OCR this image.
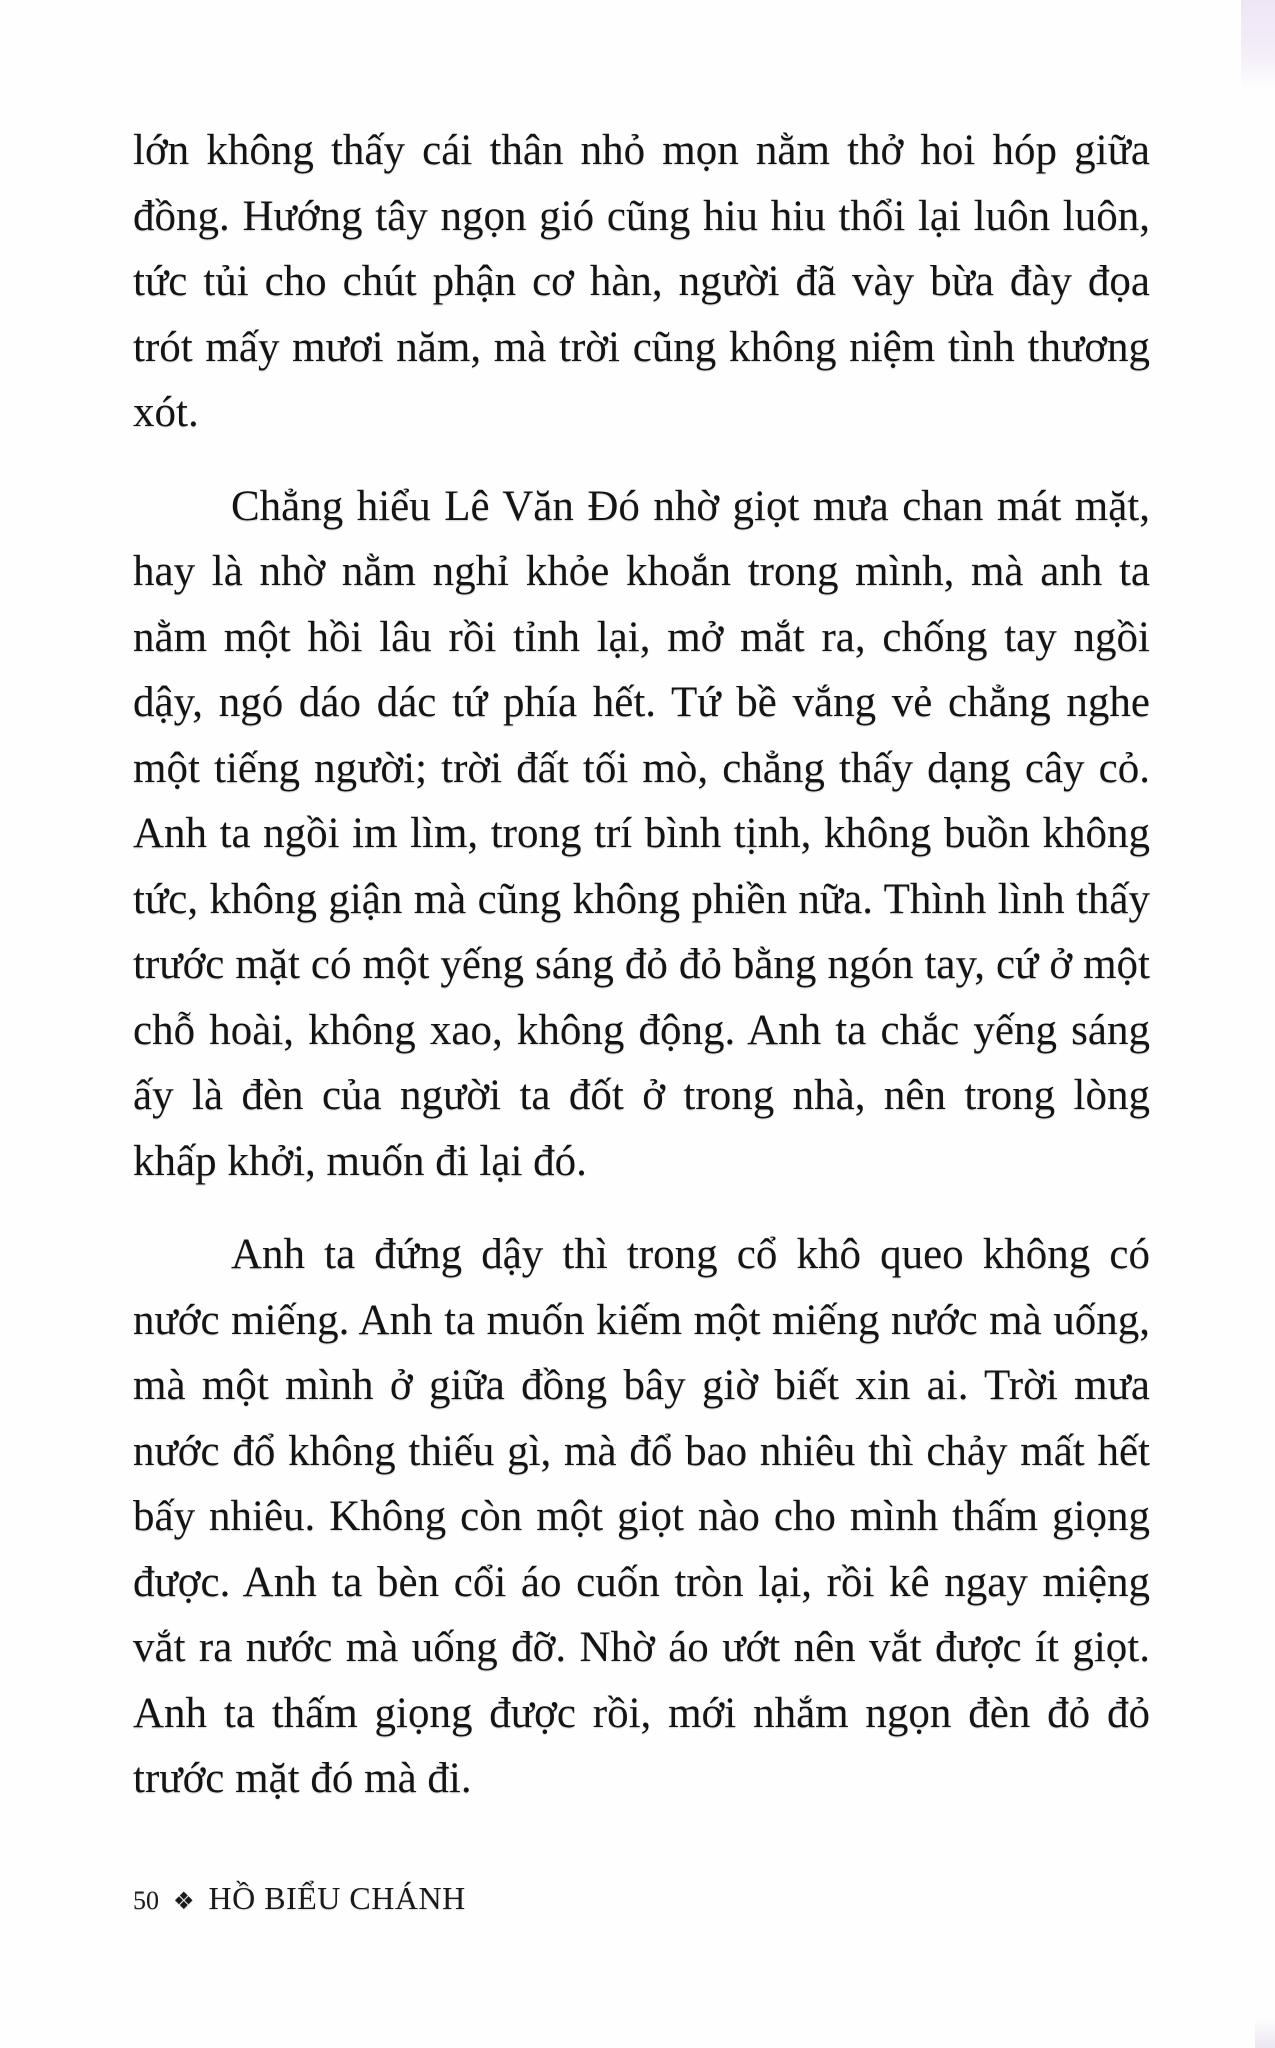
lớn không thấy cái thân nhỏ mọn nằm thở hoi hóp giữa đồng. Hướng tây ngọn gió cũng hiu hiu thổi lại luôn luôn, tức tủi cho chút phận cơ hàn, người đã vày bừa đày đọa trót mấy mươi năm, mà trời cũng không niệm tình thương xót.

Chẳng hiểu Lê Văn Đó nhờ giọt mưa chan mát mặt, hay là nhờ nằm nghỉ khỏe khoắn trong mình, mà anh ta nằm một hồi lâu rồi tỉnh lại, mở mắt ra, chống tay ngồi dậy, ngó dáo dác tứ phía hết. Tứ bề vắng vẻ chẳng nghe một tiếng người; trời đất tối mò, chẳng thấy dạng cây cỏ. Anh ta ngồi im lìm, trong trí bình tịnh, không buồn không tức, không giận mà cũng không phiền nữa. Thình lình thấy trước mặt có một yếng sáng đỏ đỏ bằng ngón tay, cứ ở một chỗ hoài, không xao, không động. Anh ta chắc yếng sáng ấy là đèn của người ta đốt ở trong nhà, nên trong lòng khấp khởi, muốn đi lại đó.

Anh ta đứng dậy thì trong cổ khô queo không có nước miếng. Anh ta muốn kiếm một miếng nước mà uống, mà một mình ở giữa đồng bây giờ biết xin ai. Trời mưa nước đổ không thiếu gì, mà đổ bao nhiêu thì chảy mất hết bấy nhiêu. Không còn một giọt nào cho mình thấm giọng được. Anh ta bèn cổi áo cuốn tròn lại, rồi kê ngay miệng vắt ra nước mà uống đỡ. Nhờ áo ướt nên vắt được ít giọt. Anh ta thấm giọng được rồi, mới nhắm ngọn đèn đỏ đỏ trước mặt đó mà đi.

50 ❖ HỒ BIỂU CHÁNH
